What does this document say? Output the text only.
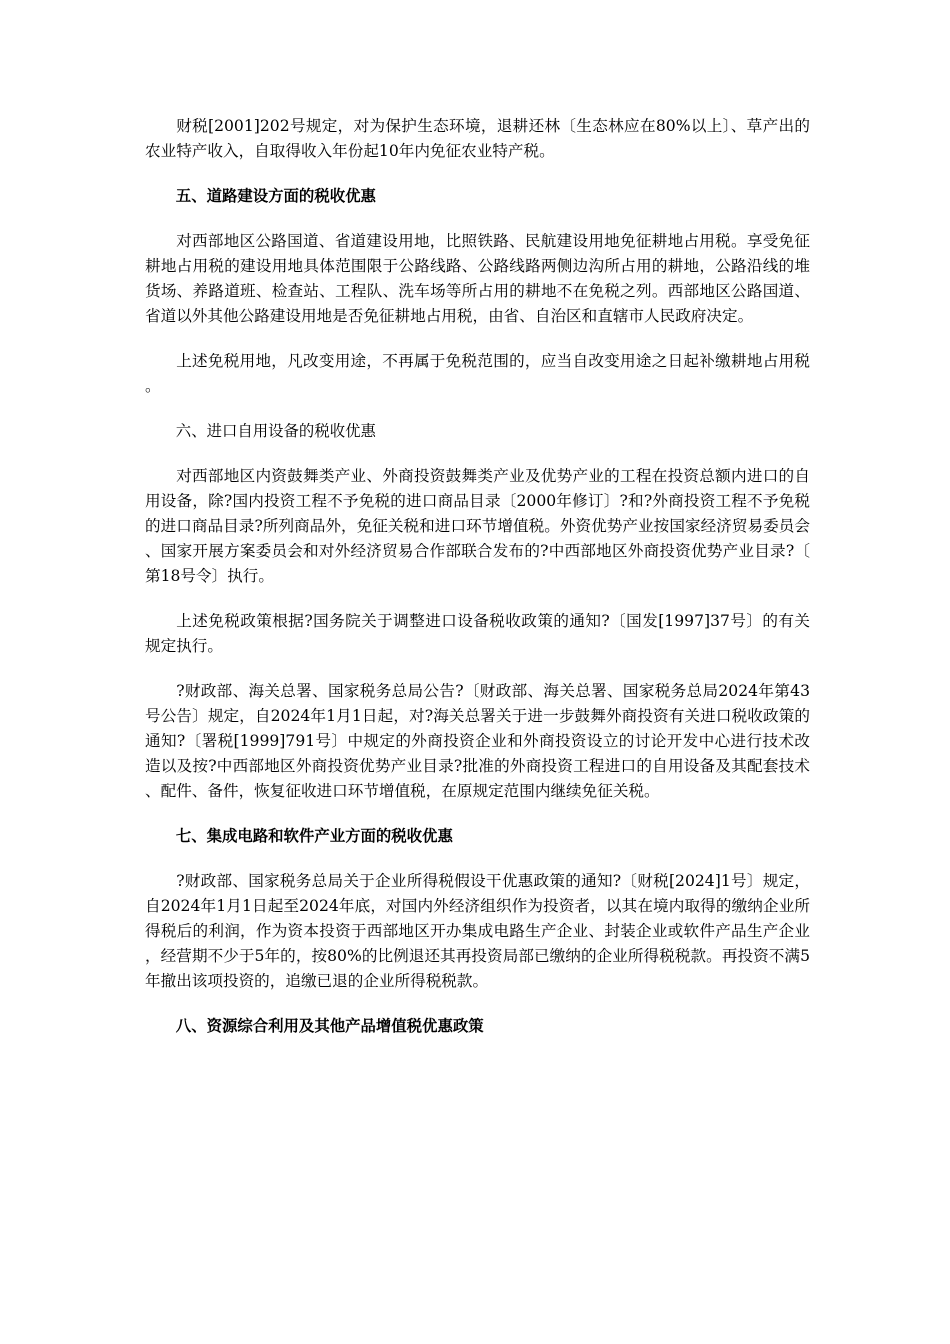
财税[2001]202号规定，对为保护生态环境，退耕还林〔生态林应在80%以上〕、草产出的农业特产收入，自取得收入年份起10年内免征农业特产税。

五、道路建设方面的税收优惠

对西部地区公路国道、省道建设用地，比照铁路、民航建设用地免征耕地占用税。享受免征耕地占用税的建设用地具体范围限于公路线路、公路线路两侧边沟所占用的耕地，公路沿线的堆货场、养路道班、检查站、工程队、洗车场等所占用的耕地不在免税之列。西部地区公路国道、省道以外其他公路建设用地是否免征耕地占用税，由省、自治区和直辖市人民政府决定。

上述免税用地，凡改变用途，不再属于免税范围的，应当自改变用途之日起补缴耕地占用税。

六、进口自用设备的税收优惠

对西部地区内资鼓舞类产业、外商投资鼓舞类产业及优势产业的工程在投资总额内进口的自用设备，除?国内投资工程不予免税的进口商品目录〔2000年修订〕?和?外商投资工程不予免税的进口商品目录?所列商品外，免征关税和进口环节增值税。外资优势产业按国家经济贸易委员会、国家开展方案委员会和对外经济贸易合作部联合发布的?中西部地区外商投资优势产业目录?〔第18号令〕执行。

上述免税政策根据?国务院关于调整进口设备税收政策的通知?〔国发[1997]37号〕的有关规定执行。

?财政部、海关总署、国家税务总局公告?〔财政部、海关总署、国家税务总局2024年第43号公告〕规定，自2024年1月1日起，对?海关总署关于进一步鼓舞外商投资有关进口税收政策的通知?〔署税[1999]791号〕中规定的外商投资企业和外商投资设立的讨论开发中心进行技术改造以及按?中西部地区外商投资优势产业目录?批准的外商投资工程进口的自用设备及其配套技术、配件、备件，恢复征收进口环节增值税，在原规定范围内继续免征关税。

七、集成电路和软件产业方面的税收优惠

?财政部、国家税务总局关于企业所得税假设干优惠政策的通知?〔财税[2024]1号〕规定，自2024年1月1日起至2024年底，对国内外经济组织作为投资者，以其在境内取得的缴纳企业所得税后的利润，作为资本投资于西部地区开办集成电路生产企业、封装企业或软件产品生产企业，经营期不少于5年的，按80%的比例退还其再投资局部已缴纳的企业所得税税款。再投资不满5年撤出该项投资的，追缴已退的企业所得税税款。

八、资源综合利用及其他产品增值税优惠政策
